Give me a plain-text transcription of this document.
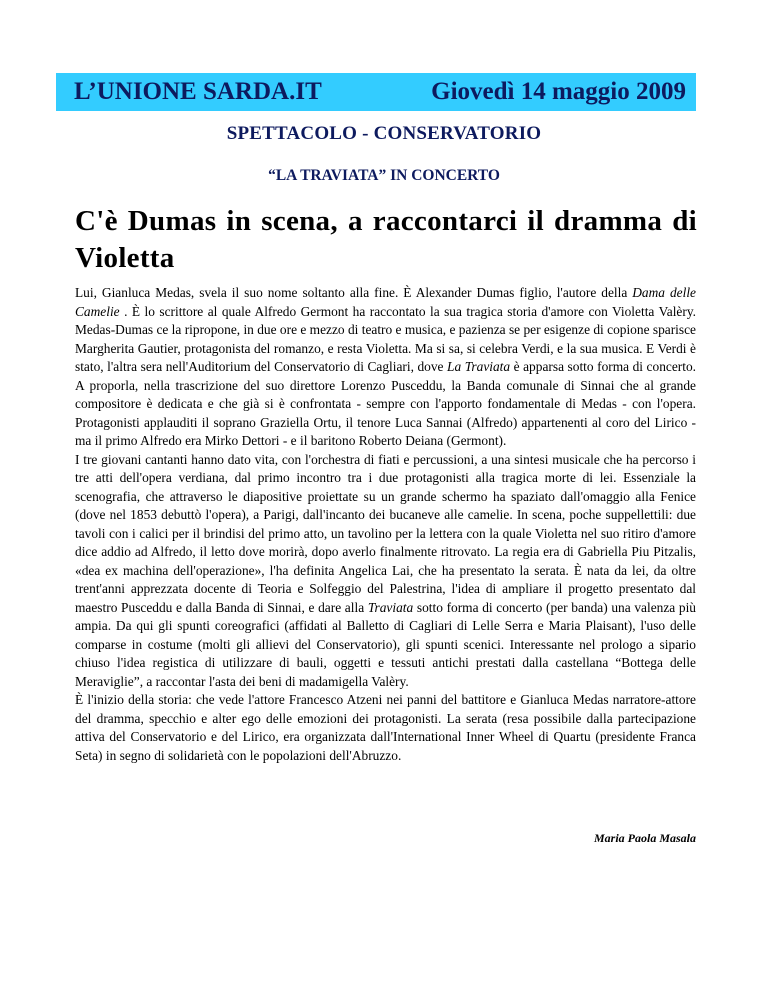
L’UNIONE SARDA.IT	Giovedì 14 maggio 2009
SPETTACOLO - CONSERVATORIO
“LA TRAVIATA” IN CONCERTO
C'è Dumas in scena, a raccontarci il dramma di Violetta

Lui, Gianluca Medas, svela il suo nome soltanto alla fine. È Alexander Dumas figlio, l'autore della Dama delle Camelie . È lo scrittore al quale Alfredo Germont ha raccontato la sua tragica storia d'amore con Violetta Valèry. Medas-Dumas ce la ripropone, in due ore e mezzo di teatro e musica, e pazienza se per esigenze di copione sparisce Margherita Gautier, protagonista del romanzo, e resta Violetta. Ma si sa, si celebra Verdi, e la sua musica. E Verdi è stato, l'altra sera nell'Auditorium del Conservatorio di Cagliari, dove La Traviata è apparsa sotto forma di concerto. A proporla, nella trascrizione del suo direttore Lorenzo Pusceddu, la Banda comunale di Sinnai che al grande compositore è dedicata e che già si è confrontata - sempre con l'apporto fondamentale di Medas - con l'opera. Protagonisti applauditi il soprano Graziella Ortu, il tenore Luca Sannai (Alfredo) appartenenti al coro del Lirico - ma il primo Alfredo era Mirko Dettori - e il baritono Roberto Deiana (Germont).

I tre giovani cantanti hanno dato vita, con l'orchestra di fiati e percussioni, a una sintesi musicale che ha percorso i tre atti dell'opera verdiana, dal primo incontro tra i due protagonisti alla tragica morte di lei. Essenziale la scenografia, che attraverso le diapositive proiettate su un grande schermo ha spaziato dall'omaggio alla Fenice (dove nel 1853 debuttò l'opera), a Parigi, dall'incanto dei bucaneve alle camelie. In scena, poche suppellettili: due tavoli con i calici per il brindisi del primo atto, un tavolino per la lettera con la quale Violetta nel suo ritiro d'amore dice addio ad Alfredo, il letto dove morirà, dopo averlo finalmente ritrovato. La regia era di Gabriella Piu Pitzalis, «dea ex machina dell'operazione», l'ha definita Angelica Lai, che ha presentato la serata. È nata da lei, da oltre trent'anni apprezzata docente di Teoria e Solfeggio del Palestrina, l'idea di ampliare il progetto presentato dal maestro Pusceddu e dalla Banda di Sinnai, e dare alla Traviata sotto forma di concerto (per banda) una valenza più ampia. Da qui gli spunti coreografici (affidati al Balletto di Cagliari di Lelle Serra e Maria Plaisant), l'uso delle comparse in costume (molti gli allievi del Conservatorio), gli spunti scenici. Interessante nel prologo a sipario chiuso l'idea registica di utilizzare di bauli, oggetti e tessuti antichi prestati dalla castellana “Bottega delle Meraviglie”, a raccontar l'asta dei beni di madamigella Valèry.

È l'inizio della storia: che vede l'attore Francesco Atzeni nei panni del battitore e Gianluca Medas narratore-attore del dramma, specchio e alter ego delle emozioni dei protagonisti. La serata (resa possibile dalla partecipazione attiva del Conservatorio e del Lirico, era organizzata dall'International Inner Wheel di Quartu (presidente Franca Seta) in segno di solidarietà con le popolazioni dell'Abruzzo.

Maria Paola Masala
